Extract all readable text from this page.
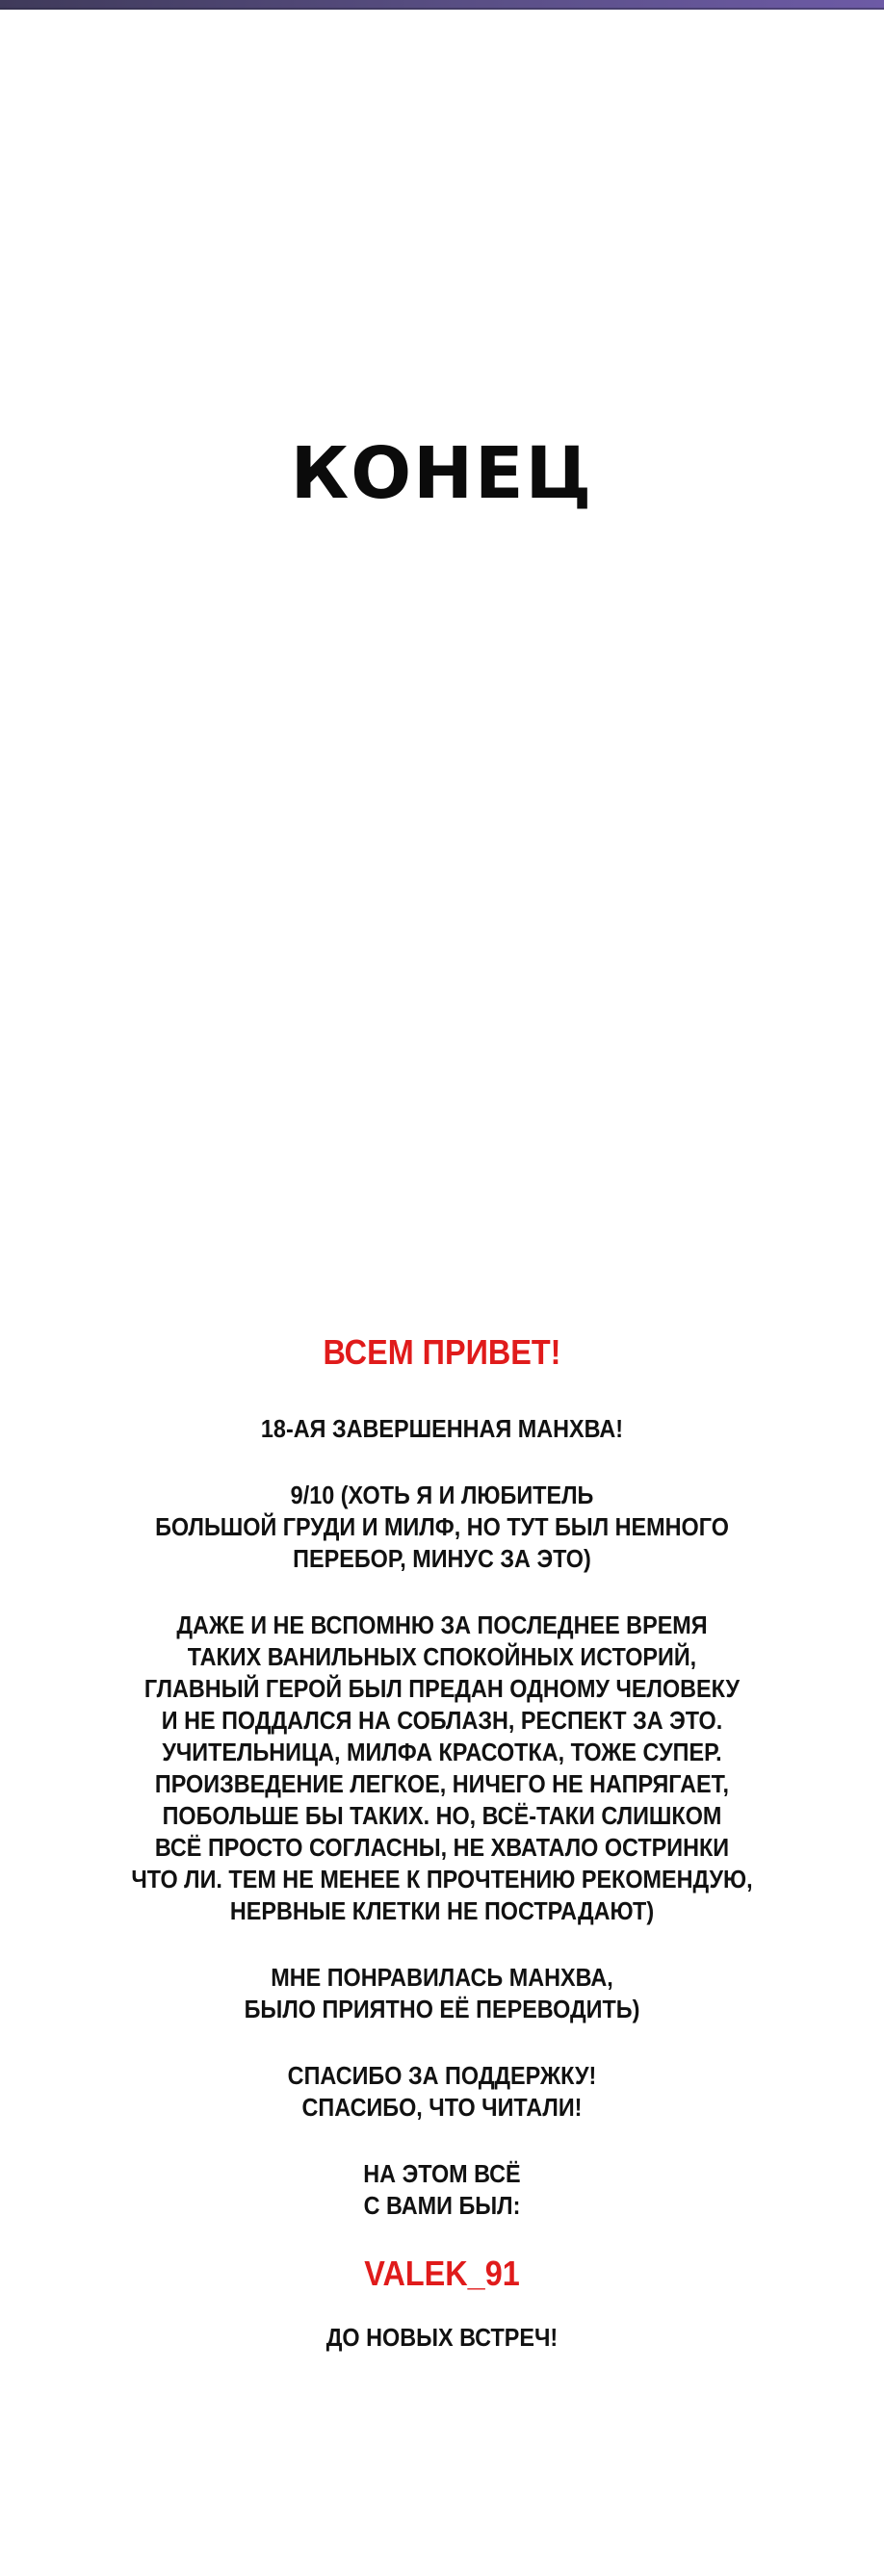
КОНЕЦ

ВСЕМ ПРИВЕТ!

18-АЯ ЗАВЕРШЕННАЯ МАНХВА!

9/10 (ХОТЬ Я И ЛЮБИТЕЛЬ
БОЛЬШОЙ ГРУДИ И МИЛФ, НО ТУТ БЫЛ НЕМНОГО
ПЕРЕБОР, МИНУС ЗА ЭТО)

ДАЖЕ И НЕ ВСПОМНЮ ЗА ПОСЛЕДНЕЕ ВРЕМЯ
ТАКИХ ВАНИЛЬНЫХ СПОКОЙНЫХ ИСТОРИЙ,
ГЛАВНЫЙ ГЕРОЙ БЫЛ ПРЕДАН ОДНОМУ ЧЕЛОВЕКУ
И НЕ ПОДДАЛСЯ НА СОБЛАЗН, РЕСПЕКТ ЗА ЭТО.
УЧИТЕЛЬНИЦА, МИЛФА КРАСОТКА, ТОЖЕ СУПЕР.
ПРОИЗВЕДЕНИЕ ЛЕГКОЕ, НИЧЕГО НЕ НАПРЯГАЕТ,
ПОБОЛЬШЕ БЫ ТАКИХ. НО, ВСЁ-ТАКИ СЛИШКОМ
ВСЁ ПРОСТО СОГЛАСНЫ, НЕ ХВАТАЛО ОСТРИНКИ
ЧТО ЛИ. ТЕМ НЕ МЕНЕЕ К ПРОЧТЕНИЮ РЕКОМЕНДУЮ,
НЕРВНЫЕ КЛЕТКИ НЕ ПОСТРАДАЮТ)

МНЕ ПОНРАВИЛАСЬ МАНХВА,
БЫЛО ПРИЯТНО ЕЁ ПЕРЕВОДИТЬ)

СПАСИБО ЗА ПОДДЕРЖКУ!
СПАСИБО, ЧТО ЧИТАЛИ!

НА ЭТОМ ВСЁ
С ВАМИ БЫЛ:

VALEK_91

ДО НОВЫХ ВСТРЕЧ!
